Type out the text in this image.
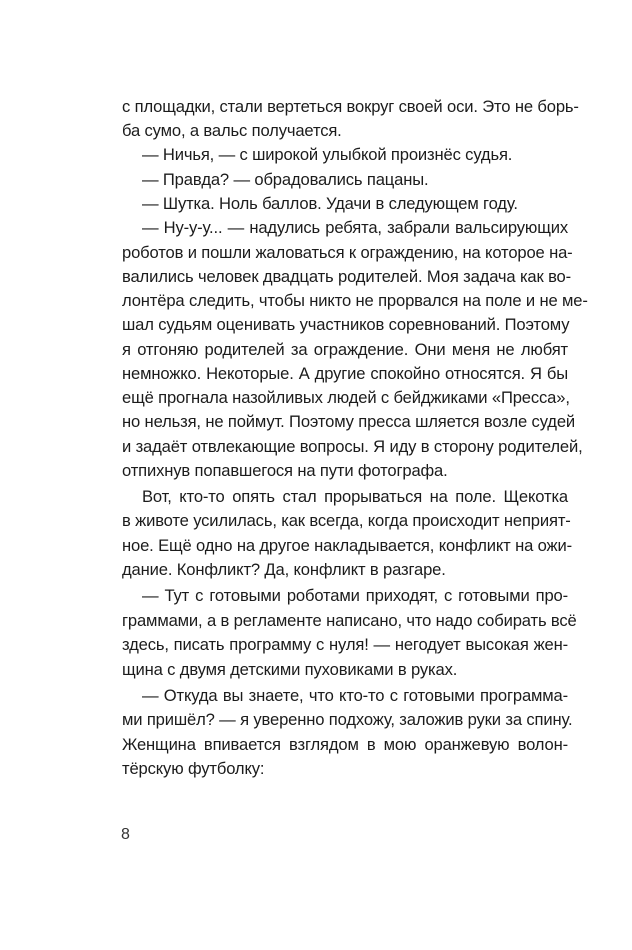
с площадки, стали вертеться вокруг своей оси. Это не борь-
ба сумо, а вальс получается.
— Ничья, — с широкой улыбкой произнёс судья.
— Правда? — обрадовались пацаны.
— Шутка. Ноль баллов. Удачи в следующем году.
— Ну-у-у... — надулись ребята, забрали вальсирующих
роботов и пошли жаловаться к ограждению, на которое на-
валились человек двадцать родителей. Моя задача как во-
лонтёра следить, чтобы никто не прорвался на поле и не ме-
шал судьям оценивать участников соревнований. Поэтому
я отгоняю родителей за ограждение. Они меня не любят
немножко. Некоторые. А другие спокойно относятся. Я бы
ещё прогнала назойливых людей с бейджиками «Пресса»,
но нельзя, не поймут. Поэтому пресса шляется возле судей
и задаёт отвлекающие вопросы. Я иду в сторону родителей,
отпихнув попавшегося на пути фотографа.
Вот, кто-то опять стал прорываться на поле. Щекотка
в животе усилилась, как всегда, когда происходит неприят-
ное. Ещё одно на другое накладывается, конфликт на ожи-
дание. Конфликт? Да, конфликт в разгаре.
— Тут с готовыми роботами приходят, с готовыми про-
граммами, а в регламенте написано, что надо собирать всё
здесь, писать программу с нуля! — негодует высокая жен-
щина с двумя детскими пуховиками в руках.
— Откуда вы знаете, что кто-то с готовыми программа-
ми пришёл? — я уверенно подхожу, заложив руки за спину.
Женщина впивается взглядом в мою оранжевую волон-
тёрскую футболку:
8
